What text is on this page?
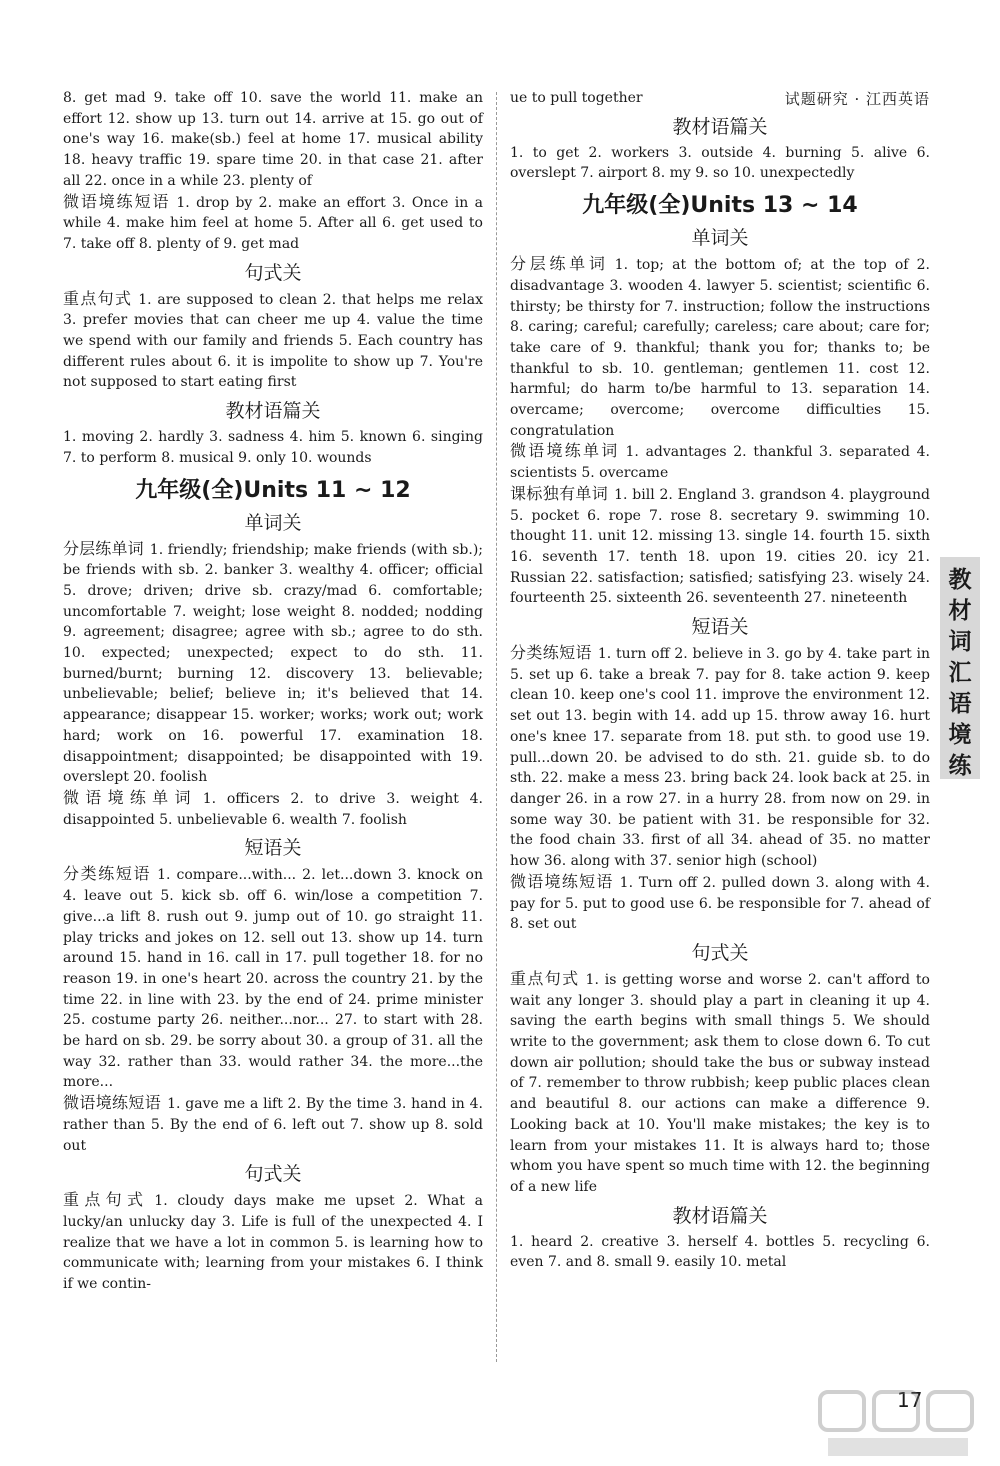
试题研究 · 江西英语

8. get mad 9. take off 10. save the world 11. make an effort 12. show up 13. turn out 14. arrive at 15. go out of one's way 16. make(sb.) feel at home 17. musical ability 18. heavy traffic 19. spare time 20. in that case 21. after all 22. once in a while 23. plenty of

微语境练短语 1. drop by 2. make an effort 3. Once in a while 4. make him feel at home 5. After all 6. get used to 7. take off 8. plenty of 9. get mad

句式关

重点句式 1. are supposed to clean 2. that helps me relax 3. prefer movies that can cheer me up 4. value the time we spend with our family and friends 5. Each country has different rules about 6. it is impolite to show up 7. You're not supposed to start eating first

教材语篇关

1. moving 2. hardly 3. sadness 4. him 5. known 6. singing 7. to perform 8. musical 9. only 10. wounds

九年级(全)Units 11 ~ 12
单词关

分层练单词 1. friendly; friendship; make friends (with sb.); be friends with sb. 2. banker 3. wealthy 4. officer; official 5. drove; driven; drive sb. crazy/mad 6. comfortable; uncomfortable 7. weight; lose weight 8. nodded; nodding 9. agreement; disagree; agree with sb.; agree to do sth. 10. expected; unexpected; expect to do sth. 11. burned/burnt; burning 12. discovery 13. believable; unbelievable; belief; believe in; it's believed that 14. appearance; disappear 15. worker; works; work out; work hard; work on 16. powerful 17. examination 18. disappointment; disappointed; be disappointed with 19. overslept 20. foolish

微语境练单词 1. officers 2. to drive 3. weight 4. disappointed 5. unbelievable 6. wealth 7. foolish

短语关

分类练短语 1. compare...with... 2. let...down 3. knock on 4. leave out 5. kick sb. off 6. win/lose a competition 7. give...a lift 8. rush out 9. jump out of 10. go straight 11. play tricks and jokes on 12. sell out 13. show up 14. turn around 15. hand in 16. call in 17. pull together 18. for no reason 19. in one's heart 20. across the country 21. by the time 22. in line with 23. by the end of 24. prime minister 25. costume party 26. neither...nor... 27. to start with 28. be hard on sb. 29. be sorry about 30. a group of 31. all the way 32. rather than 33. would rather 34. the more...the more...

微语境练短语 1. gave me a lift 2. By the time 3. hand in 4. rather than 5. By the end of 6. left out 7. show up 8. sold out

句式关

重点句式 1. cloudy days make me upset 2. What a lucky/an unlucky day 3. Life is full of the unexpected 4. I realize that we have a lot in common 5. is learning how to communicate with; learning from your mistakes 6. I think if we contin-

ue to pull together

教材语篇关

1. to get 2. workers 3. outside 4. burning 5. alive 6. overslept 7. airport 8. my 9. so 10. unexpectedly

九年级(全)Units 13 ~ 14
单词关

分层练单词 1. top; at the bottom of; at the top of 2. disadvantage 3. wooden 4. lawyer 5. scientist; scientific 6. thirsty; be thirsty for 7. instruction; follow the instructions 8. caring; careful; carefully; careless; care about; care for; take care of 9. thankful; thank you for; thanks to; be thankful to sb. 10. gentleman; gentlemen 11. cost 12. harmful; do harm to/be harmful to 13. separation 14. overcame; overcome; overcome difficulties 15. congratulation

微语境练单词 1. advantages 2. thankful 3. separated 4. scientists 5. overcame

课标独有单词 1. bill 2. England 3. grandson 4. playground 5. pocket 6. rope 7. rose 8. secretary 9. swimming 10. thought 11. unit 12. missing 13. single 14. fourth 15. sixth 16. seventh 17. tenth 18. upon 19. cities 20. icy 21. Russian 22. satisfaction; satisfied; satisfying 23. wisely 24. fourteenth 25. sixteenth 26. seventeenth 27. nineteenth

短语关

分类练短语 1. turn off 2. believe in 3. go by 4. take part in 5. set up 6. take a break 7. pay for 8. take action 9. keep clean 10. keep one's cool 11. improve the environment 12. set out 13. begin with 14. add up 15. throw away 16. hurt one's knee 17. separate from 18. put sth. to good use 19. pull...down 20. be advised to do sth. 21. guide sb. to do sth. 22. make a mess 23. bring back 24. look back at 25. in danger 26. in a row 27. in a hurry 28. from now on 29. in some way 30. be patient with 31. be responsible for 32. the food chain 33. first of all 34. ahead of 35. no matter how 36. along with 37. senior high (school)

微语境练短语 1. Turn off 2. pulled down 3. along with 4. pay for 5. put to good use 6. be responsible for 7. ahead of 8. set out

句式关

重点句式 1. is getting worse and worse 2. can't afford to wait any longer 3. should play a part in cleaning it up 4. saving the earth begins with small things 5. We should write to the government; ask them to close down 6. To cut down air pollution; should take the bus or subway instead of 7. remember to throw rubbish; keep public places clean and beautiful 8. our actions can make a difference 9. Looking back at 10. You'll make mistakes; the key is to learn from your mistakes 11. It is always hard to; those whom you have spent so much time with 12. the beginning of a new life

教材语篇关

1. heard 2. creative 3. herself 4. bottles 5. recycling 6. even 7. and 8. small 9. easily 10. metal

教材词汇语境练
17
